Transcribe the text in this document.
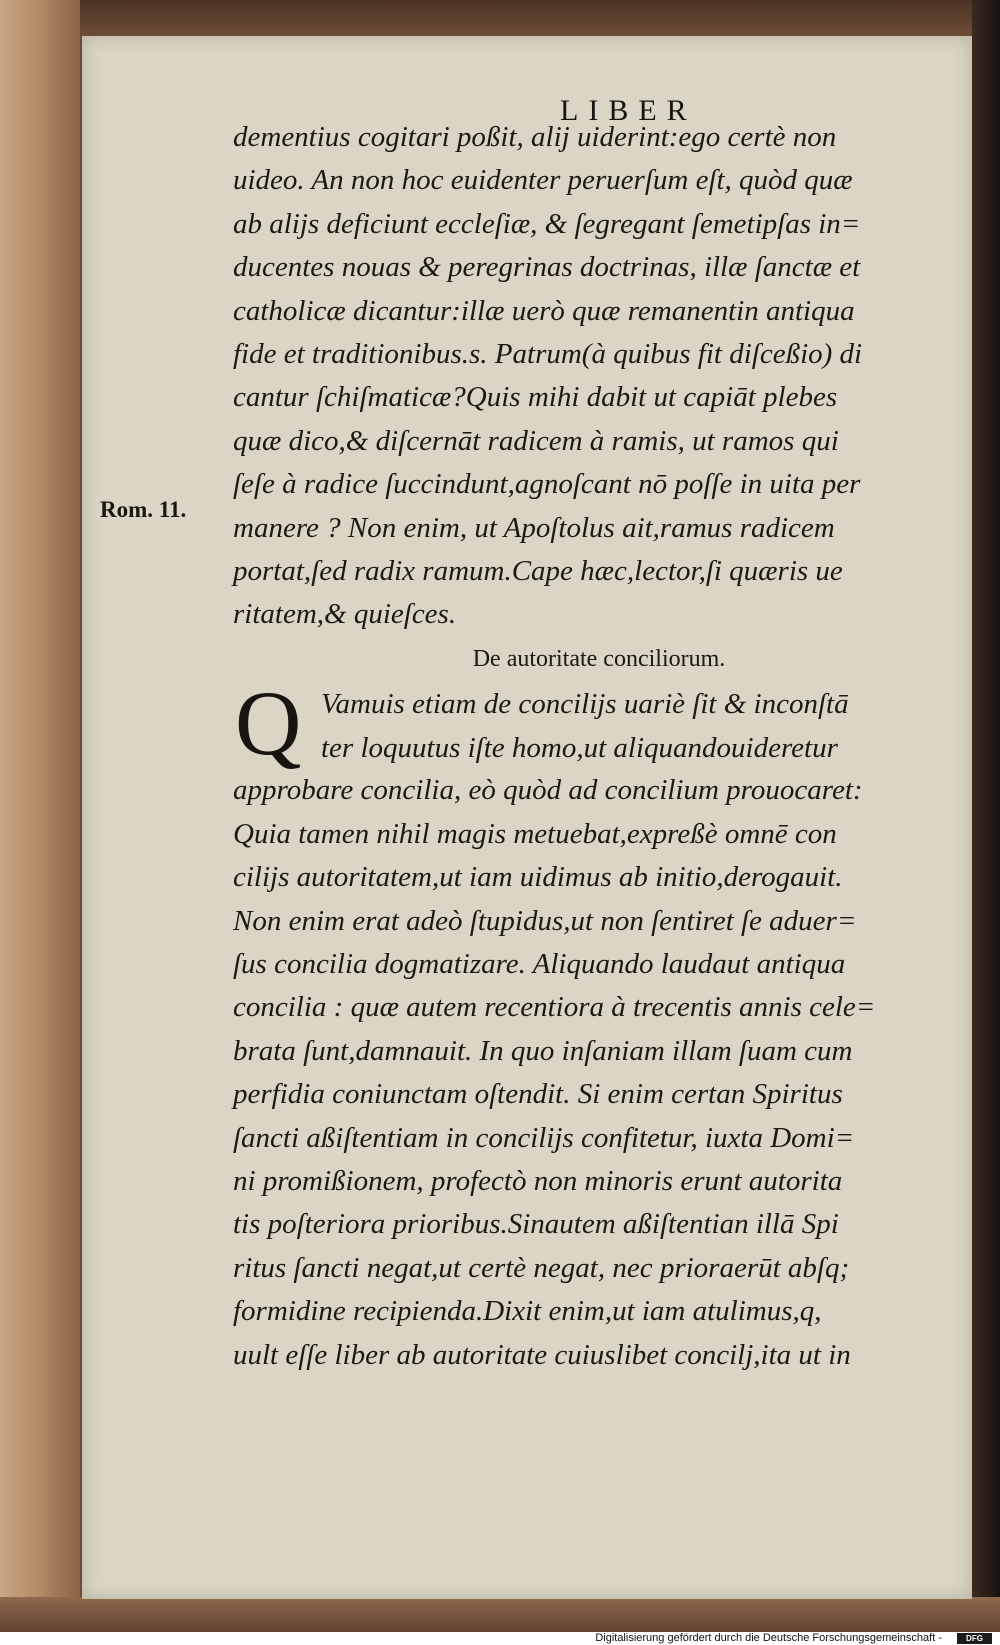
LIBER
Rom. 11.
dementius cogitari poßit, alij uiderint:ego certè non
uideo. An non hoc euidenter peruerſum eſt, quòd quæ
ab alijs deficiunt eccleſiæ, & ſegregant ſemetipſas in=
ducentes nouas & peregrinas doctrinas, illæ ſanctæ et
catholicæ dicantur:illæ uerò quæ remanentin antiqua
fide et traditionibus.s. Patrum(à quibus fit diſceßio) di
cantur ſchiſmaticæ?Quis mihi dabit ut capiāt plebes
quæ dico,& diſcernāt radicem à ramis, ut ramos qui
ſeſe à radice ſuccindunt,agnoſcant nō poſſe in uita per
manere ? Non enim, ut Apoſtolus ait,ramus radicem
portat,ſed radix ramum.Cape hæc,lector,ſi quæris ue
ritatem,& quieſces.
De autoritate conciliorum.
Q Vamuis etiam de concilijs uariè ſit & inconſtā
ter loquutus iſte homo,ut aliquandouideretur
approbare concilia, eò quòd ad concilium prouocaret:
Quia tamen nihil magis metuebat,expreßè omnē con
cilijs autoritatem,ut iam uidimus ab initio,derogauit.
Non enim erat adeò ſtupidus,ut non ſentiret ſe aduer=
ſus concilia dogmatizare. Aliquando laudaut antiqua
concilia : quæ autem recentiora à trecentis annis cele=
brata ſunt,damnauit. In quo inſaniam illam ſuam cum
perfidia coniunctam oſtendit. Si enim certan Spiritus
ſancti aßiſtentiam in concilijs confitetur, iuxta Domi=
ni promißionem, profectò non minoris erunt autorita
tis poſteriora prioribus.Sinautem aßiſtentian illā Spi
ritus ſancti negat,ut certè negat, nec prioraerūt abſq;
formidine recipienda.Dixit enim,ut iam atulimus,q,
uult eſſe liber ab autoritate cuiuslibet concilj,ita ut in
Digitalisierung gefördert durch die Deutsche Forschungsgemeinschaft -	DFG
